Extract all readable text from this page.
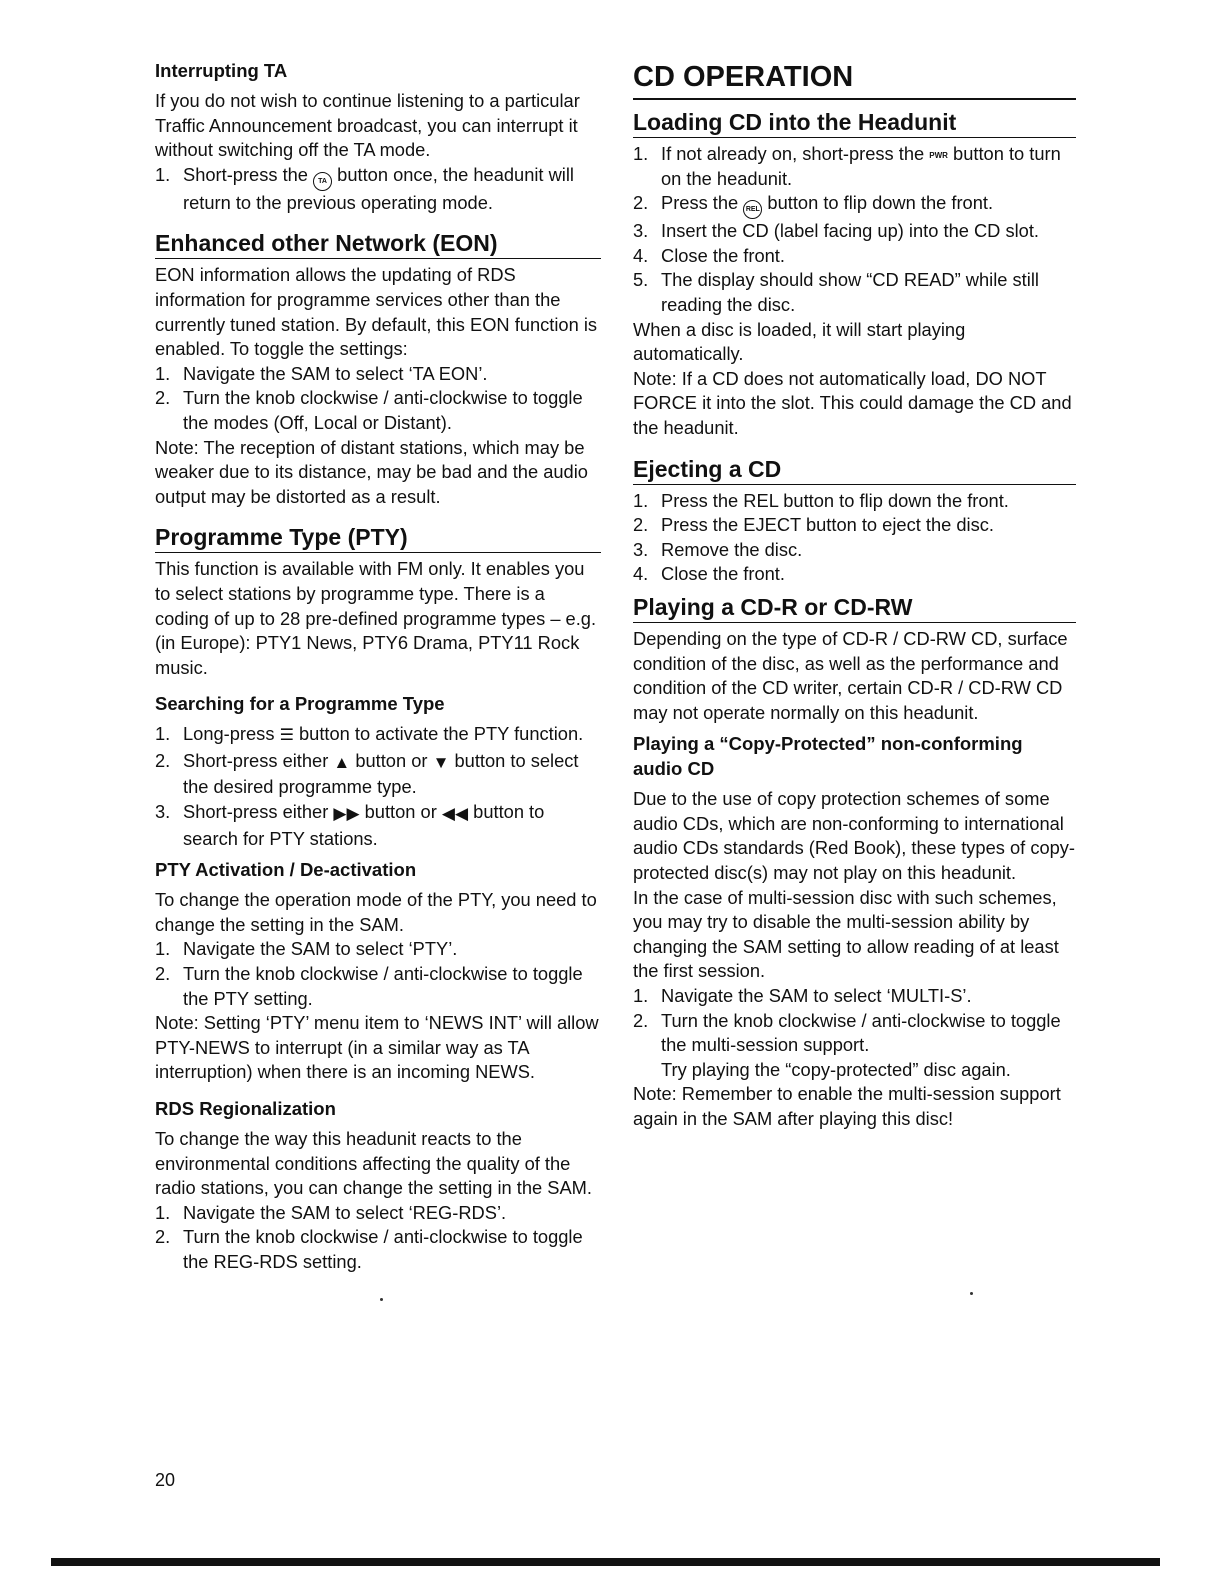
Interrupting TA

If you do not wish to continue listening to a particular Traffic Announcement broadcast, you can interrupt it without switching off the TA mode.

1. Short-press the TA button once, the headunit will return to the previous operating mode.
Enhanced other Network (EON)

EON information allows the updating of RDS information for programme services other than the currently tuned station. By default, this EON function is enabled. To toggle the settings:

1. Navigate the SAM to select ‘TA EON’.
2. Turn the knob clockwise / anti-clockwise to toggle the modes (Off, Local or Distant).

Note: The reception of distant stations, which may be weaker due to its distance, may be bad and the audio output may be distorted as a result.

Programme Type (PTY)

This function is available with FM only. It enables you to select stations by programme type. There is a coding of up to 28 pre-defined programme types – e.g. (in Europe): PTY1 News, PTY6 Drama, PTY11 Rock music.

Searching for a Programme Type
1. Long-press ☰ button to activate the PTY function.
2. Short-press either ▲ button or ▼ button to select the desired programme type.
3. Short-press either ▶▶ button or ◀◀ button to search for PTY stations.
PTY Activation / De-activation

To change the operation mode of the PTY, you need to change the setting in the SAM.

1. Navigate the SAM to select ‘PTY’.
2. Turn the knob clockwise / anti-clockwise to toggle the PTY setting.

Note: Setting ‘PTY’ menu item to ‘NEWS INT’ will allow PTY-NEWS to interrupt (in a similar way as TA interruption) when there is an incoming NEWS.

RDS Regionalization

To change the way this headunit reacts to the environmental conditions affecting the quality of the radio stations, you can change the setting in the SAM.

1. Navigate the SAM to select ‘REG-RDS’.
2. Turn the knob clockwise / anti-clockwise to toggle the REG-RDS setting.
CD OPERATION
Loading CD into the Headunit
1. If not already on, short-press the PWR button to turn on the headunit.
2. Press the REL button to flip down the front.
3. Insert the CD (label facing up) into the CD slot.
4. Close the front.
5. The display should show “CD READ” while still reading the disc.

When a disc is loaded, it will start playing automatically.

Note: If a CD does not automatically load, DO NOT FORCE it into the slot. This could damage the CD and the headunit.

Ejecting a CD
1. Press the REL button to flip down the front.
2. Press the EJECT button to eject the disc.
3. Remove the disc.
4. Close the front.
Playing a CD-R or CD-RW

Depending on the type of CD-R / CD-RW CD, surface condition of the disc, as well as the performance and condition of the CD writer, certain CD-R / CD-RW CD may not operate normally on this headunit.

Playing a “Copy-Protected” non-conforming audio CD

Due to the use of copy protection schemes of some audio CDs, which are non-conforming to international audio CDs standards (Red Book), these types of copy-protected disc(s) may not play on this headunit.

In the case of multi-session disc with such schemes, you may try to disable the multi-session ability by changing the SAM setting to allow reading of at least the first session.

1. Navigate the SAM to select ‘MULTI-S’.
2. Turn the knob clockwise / anti-clockwise to toggle the multi-session support.

Try playing the “copy-protected” disc again.

Note: Remember to enable the multi-session support again in the SAM after playing this disc!

20
